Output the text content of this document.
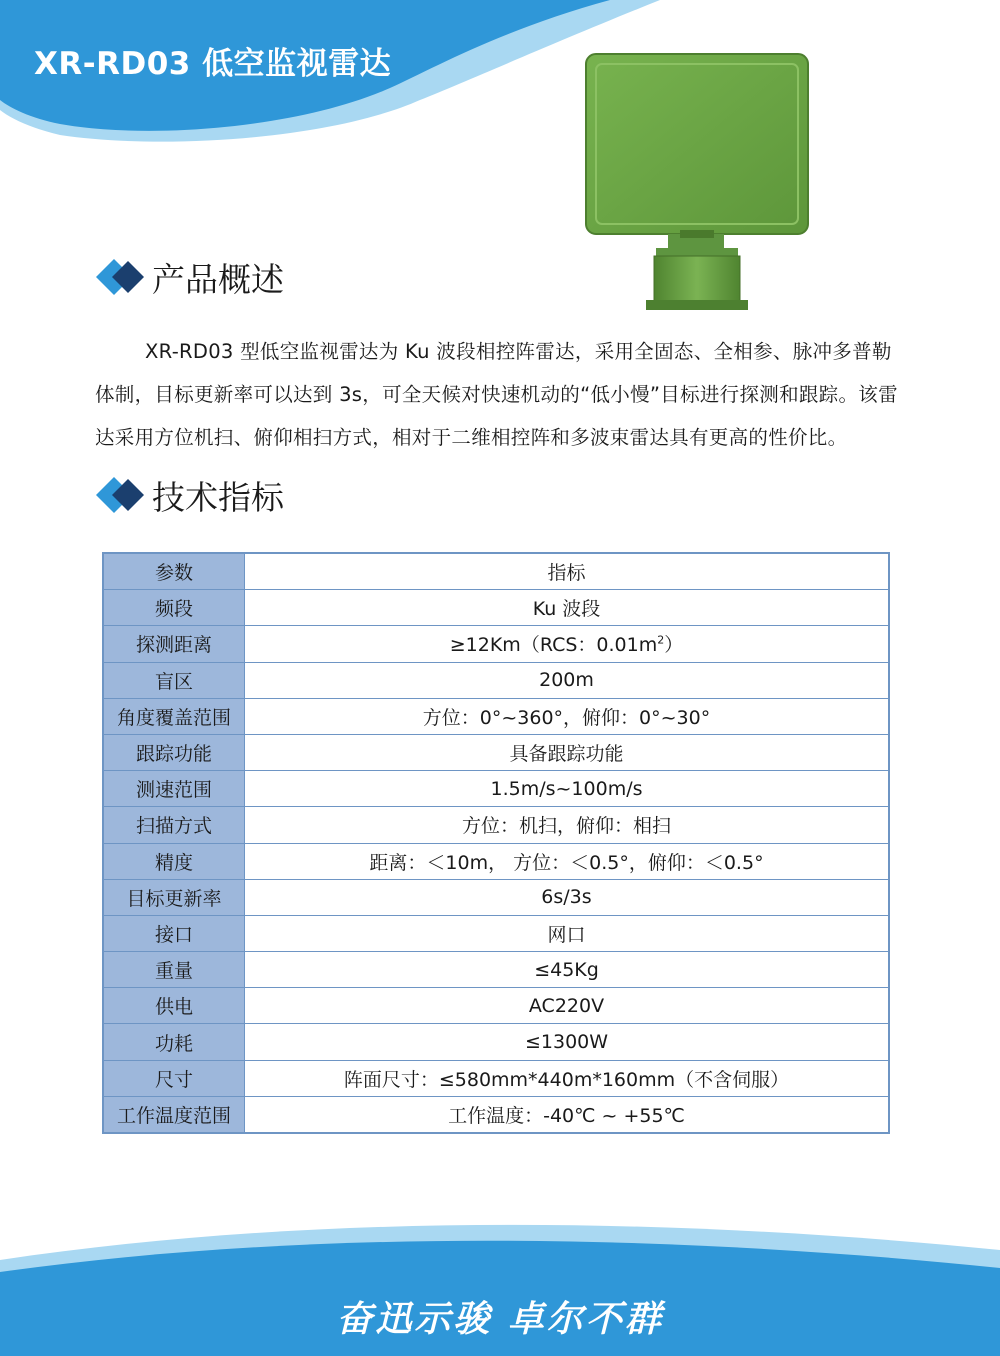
XR-RD03 低空监视雷达
产品概述
XR-RD03 型低空监视雷达为 Ku 波段相控阵雷达，采用全固态、全相参、脉冲多普勒体制，目标更新率可以达到 3s，可全天候对快速机动的“低小慢”目标进行探测和跟踪。该雷达采用方位机扫、俯仰相扫方式，相对于二维相控阵和多波束雷达具有更高的性价比。
技术指标
参数	指标
频段	Ku 波段
探测距离	≥12Km（RCS：$0.01m^2$）
盲区	200m
角度覆盖范围	方位：0°~360°，俯仰：0°~30°
跟踪功能	具备跟踪功能
测速范围	1.5m/s~100m/s
扫描方式	方位：机扫，俯仰：相扫
精度	距离：＜10m， 方位：＜0.5°，俯仰：＜0.5°
目标更新率	6s/3s
接口	网口
重量	≤45Kg
供电	AC220V
功耗	≤1300W
尺寸	阵面尺寸：≤580mm*440m*160mm（不含伺服）
工作温度范围	工作温度：-40℃ ~ +55℃
奋迅示骏 卓尔不群
